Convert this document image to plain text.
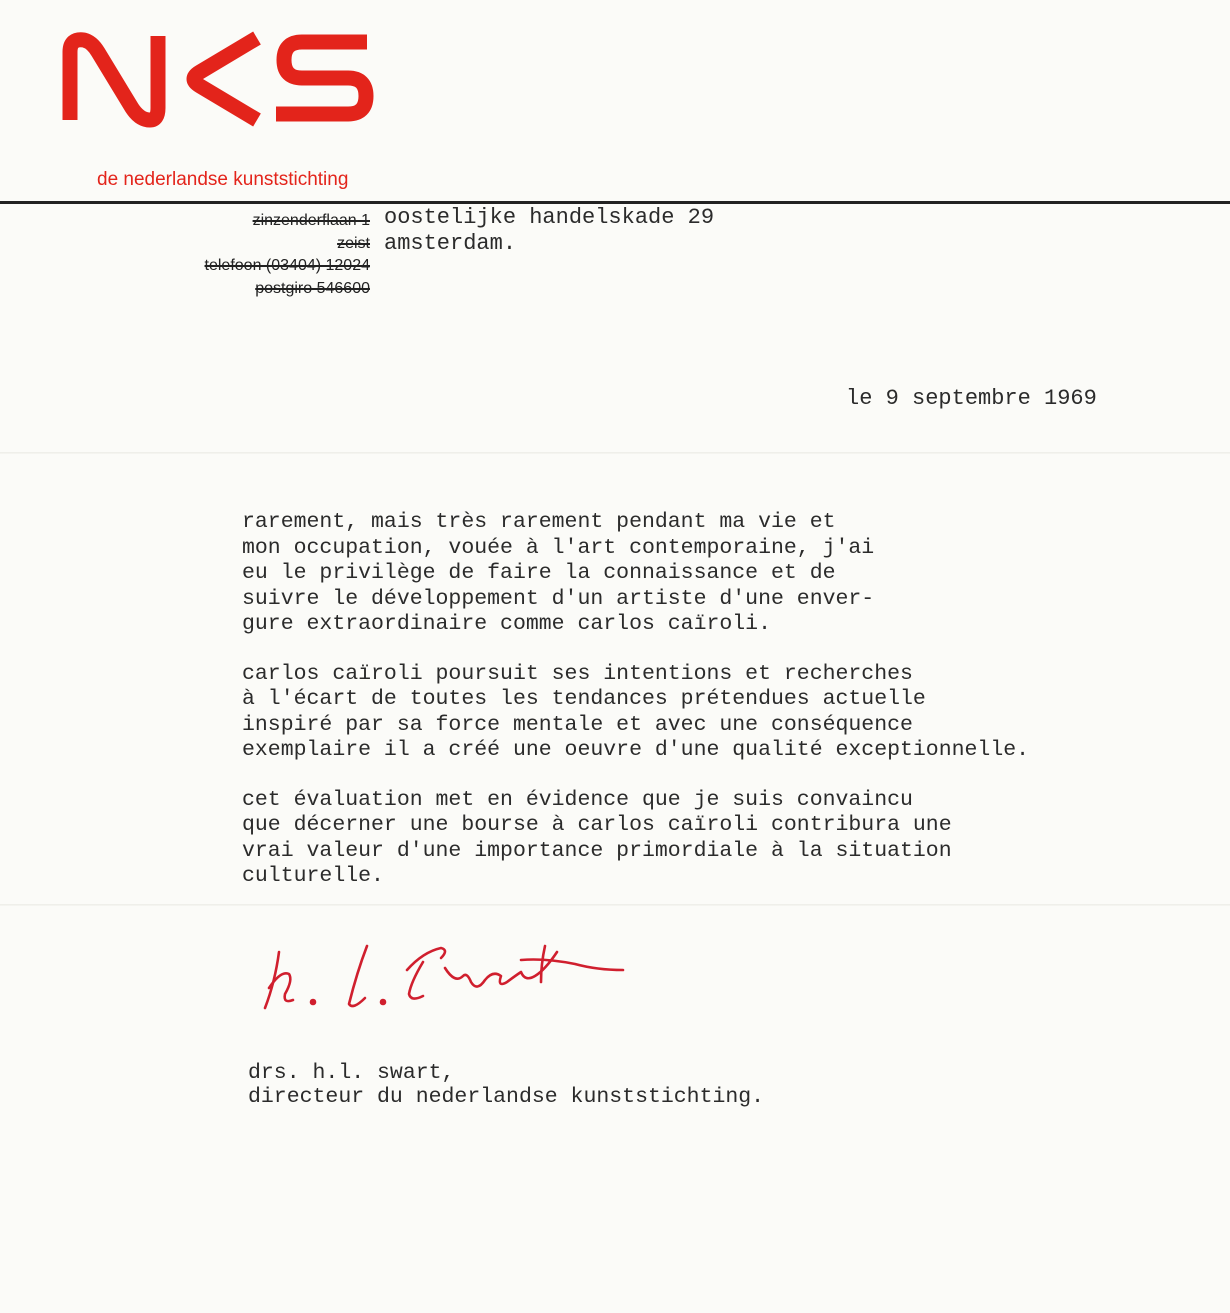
de nederlandse kunststichting
zinzenderflaan 1
zeist
telefoon (03404) 12024
postgiro 546600
oostelijke handelskade 29
amsterdam.
le 9 septembre 1969
rarement, mais très rarement pendant ma vie et
mon occupation, vouée à l'art contemporaine, j'ai
eu le privilège de faire la connaissance et de
suivre le développement d'un artiste d'une enver-
gure extraordinaire comme carlos caïroli.
carlos caïroli poursuit ses intentions et recherches
à l'écart de toutes les tendances prétendues actuelle
inspiré par sa force mentale et avec une conséquence
exemplaire il a créé une oeuvre d'une qualité exceptionnelle.
cet évaluation met en évidence que je suis convaincu
que décerner une bourse à carlos caïroli contribura une
vrai valeur d'une importance primordiale à la situation
culturelle.
drs. h.l. swart,
directeur du nederlandse kunststichting.
